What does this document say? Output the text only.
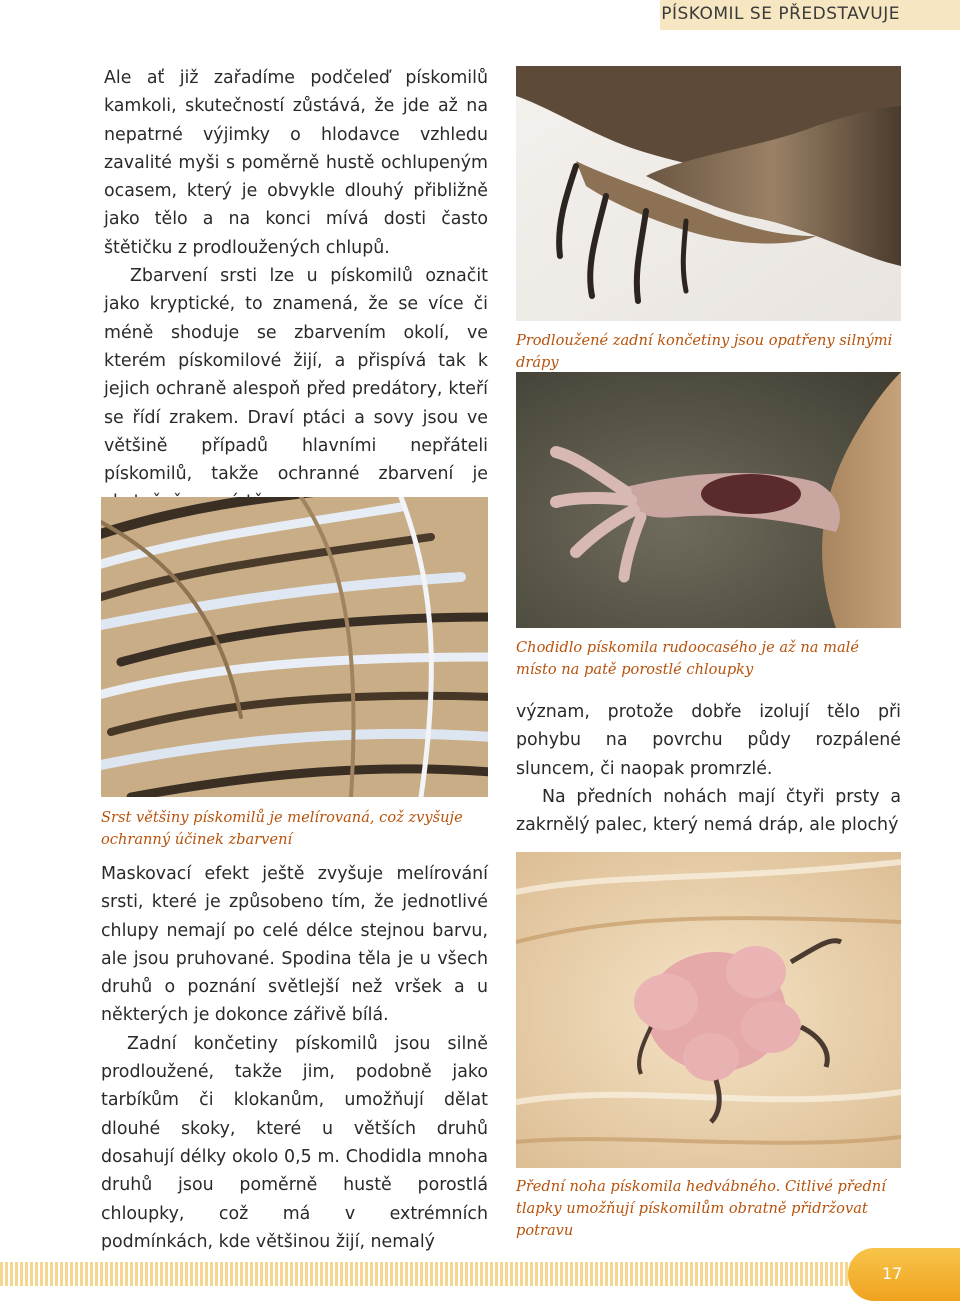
PÍSKOMIL SE PŘEDSTAVUJE

Ale ať již zařadíme podčeleď pískomilů kamkoli, skutečností zůstává, že jde až na nepatrné výjimky o hlodavce vzhledu zavalité myši s poměrně hustě ochlupeným ocasem, který je obvykle dlouhý přibližně jako tělo a na konci mívá dosti často štětičku z prodloužených chlupů.

Zbarvení srsti lze u pískomilů označit jako kryptické, to znamená, že se více či méně shoduje se zbarvením okolí, ve kterém pískomilové žijí, a přispívá tak k jejich ochraně alespoň před predátory, kteří se řídí zrakem. Draví ptáci a sovy jsou ve většině případů hlavními nepřáteli pískomilů, takže ochranné zbarvení je

Prodloužené zadní končetiny jsou opatřeny silnými drápy
Chodidlo pískomila rudoocasého je až na malé místo na patě porostlé chloupky

význam, protože dobře izolují tělo při pohybu na povrchu půdy rozpálené sluncem, či naopak promrzlé.

Na předních nohách mají čtyři prsty a zakrnělý palec, který nemá dráp, ale plochý

Srst většiny pískomilů je melírovaná, což zvyšuje ochranný účinek zbarvení

Maskovací efekt ještě zvyšuje melírování srsti, které je způsobeno tím, že jednotlivé chlupy nemají po celé délce stejnou barvu, ale jsou pruhované. Spodina těla je u všech druhů o poznání světlejší než vršek a u některých je dokonce zářivě bílá.

Zadní končetiny pískomilů jsou silně prodloužené, takže jim, podobně jako tarbíkům či klokanům, umožňují dělat dlouhé skoky, které u větších druhů dosahují délky okolo 0,5 m. Chodidla mnoha druhů jsou poměrně hustě porostlá chloupky, což má v extrémních podmínkách, kde většinou žijí, nemalý

Přední noha pískomila hedvábného. Citlivé přední tlapky umožňují pískomilům obratně přidržovat potravu
17
